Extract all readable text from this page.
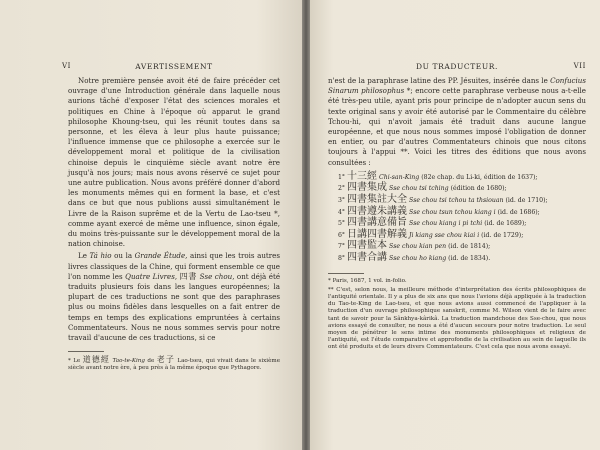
VI	AVERTISSEMENT

Notre première pensée avoit été de faire précéder cet ouvrage d'une Introduction générale dans laquelle nous aurions tâché d'exposer l'état des sciences morales et politiques en Chine à l'époque où apparut le grand philosophe Khoung-tseu, qui les réunit toutes dans sa personne, et les éleva à leur plus haute puissance; l'influence immense que ce philosophe a exercée sur le développement moral et politique de la civilisation chinoise depuis le cinquième siècle avant notre ère jusqu'à nos jours; mais nous avons réservé ce sujet pour une autre publication. Nous avons préféré donner d'abord les monuments mêmes qui en forment la base, et c'est dans ce but que nous publions aussi simultanément le Livre de la Raison suprême et de la Vertu de Lao-tseu *, comme ayant exercé de même une influence, sinon égale, du moins très-puissante sur le développement moral de la nation chinoise.

Le Tá hio ou la Grande Étude, ainsi que les trois autres livres classiques de la Chine, qui forment ensemble ce que l'on nomme les Quatre Livres, 四書 Sse chou, ont déjà été traduits plusieurs fois dans les langues européennes; la plupart de ces traductions ne sont que des paraphrases plus ou moins fidèles dans lesquelles on a fait entrer de temps en temps des explications empruntées à certains Commentateurs. Nous ne nous sommes servis pour notre travail d'aucune de ces traductions, si ce

* Le 道德經 Tao-te-King de 老子 Lao-tseu, qui vivait dans le sixième siècle avant notre ère, à peu près à la même époque que Pythagore.

DU TRADUCTEUR.	VII

n'est de la paraphrase latine des PP. Jésuites, insérée dans le Confucius Sinarum philosophus *; encore cette paraphrase verbeuse nous a-t-elle été très-peu utile, ayant pris pour principe de n'adopter aucun sens du texte original sans y avoir été autorisé par le Commentaire du célèbre Tchou-hi, qui n'avoit jamais été traduit dans aucune langue européenne, et que nous nous sommes imposé l'obligation de donner en entier, ou par d'autres Commentateurs chinois que nous citons toujours à l'appui **. Voici les titres des éditions que nous avons consultées :

1° 十三經 Chi-san-King (82e chap. du Li-ki, édition de 1637);
2° 四書集成 Sse chou tsi tching (édition de 1680);
3° 四書集註大全 Sse chou tsi tchou ta thsiouan (id. de 1710);
4° 四書遵朱講義 Sse chou tsun tchou kiang i (id. de 1686);
5° 四書講意備旨 Sse chou kiang i pi tchi (id. de 1689);
6° 日講四書解義 Ji kiang sse chou kiai i (id. de 1729);
7° 四書監本 Sse chou kian pen (id. de 1814);
8° 四書合講 Sse chou ho kiang (id. de 1834).

* Paris, 1687, 1 vol. in-folio.

** C'est, selon nous, la meilleure méthode d'interprétation des écrits philosophiques de l'antiquité orientale. Il y a plus de six ans que nous l'avions déjà appliquée à la traduction du Tao-te-King de Lao-tseu, et que nous avions aussi commencé de l'appliquer à la traduction d'un ouvrage philosophique sanskrit, comme M. Wilson vient de le faire avec tant de savoir pour la Sânkhya-kârikâ. La traduction mandchoue des Sse-chou, que nous avions essayé de consulter, ne nous a été d'aucun secours pour notre traduction. Le seul moyen de pénétrer le sens intime des monuments philosophiques et religieux de l'antiquité, est l'étude comparative et approfondie de la civilisation au sein de laquelle ils ont été produits et de leurs divers Commentateurs. C'est cela que nous avons essayé.
